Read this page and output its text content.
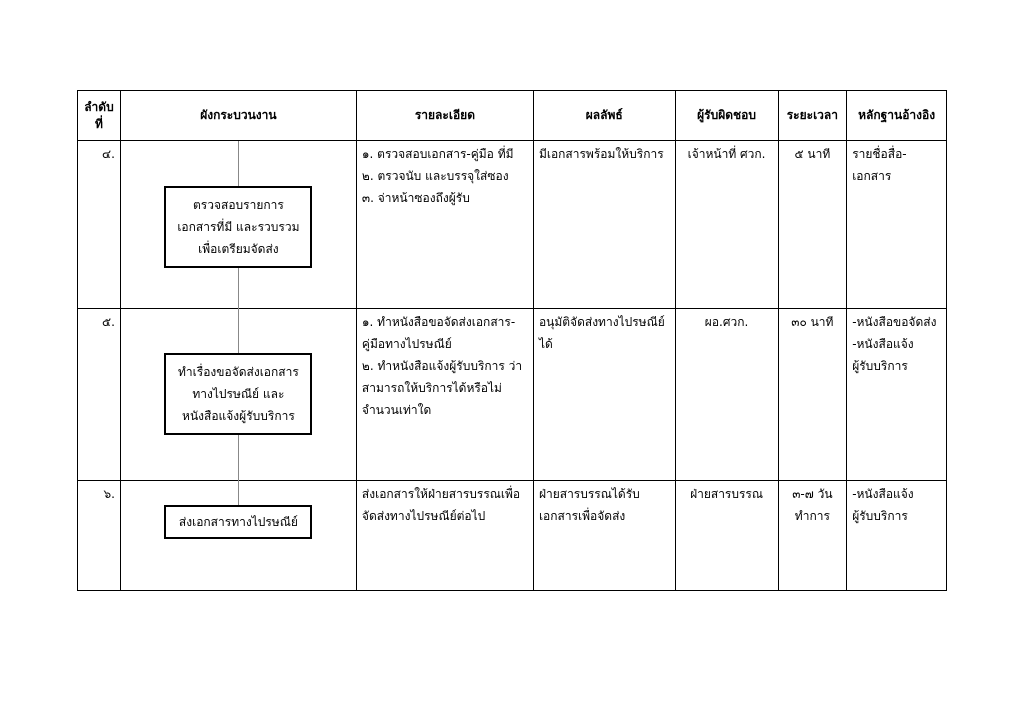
ลำดับที่	ผังกระบวนงาน	รายละเอียด	ผลลัพธ์	ผู้รับผิดชอบ	ระยะเวลา	หลักฐานอ้างอิง
๔.	ตรวจสอบรายการ
เอกสารที่มี และรวบรวม
เพื่อเตรียมจัดส่ง	๑. ตรวจสอบเอกสาร-คู่มือ ที่มี
๒. ตรวจนับ และบรรจุใส่ซอง
๓. จ่าหน้าซองถึงผู้รับ	มีเอกสารพร้อมให้บริการ	เจ้าหน้าที่ ศวก.	๕ นาที	รายชื่อสื่อ-เอกสาร

๕.	ทำเรื่องขอจัดส่งเอกสาร
ทางไปรษณีย์ และ
หนังสือแจ้งผู้รับบริการ	๑. ทำหนังสือขอจัดส่งเอกสาร-
คู่มือทางไปรษณีย์
๒. ทำหนังสือแจ้งผู้รับบริการ ว่า
สามารถให้บริการได้หรือไม่
จำนวนเท่าใด	อนุมัติจัดส่งทางไปรษณีย์ได้	ผอ.ศวก.	๓๐ นาที	-หนังสือขอจัดส่ง
-หนังสือแจ้ง
ผู้รับบริการ

๖.	ส่งเอกสารทางไปรษณีย์	ส่งเอกสารให้ฝ่ายสารบรรณเพื่อ
จัดส่งทางไปรษณีย์ต่อไป	ฝ่ายสารบรรณได้รับเอกสารเพื่อจัดส่ง	ฝ่ายสารบรรณ	๓-๗ วันทำการ	-หนังสือแจ้ง
ผู้รับบริการ
